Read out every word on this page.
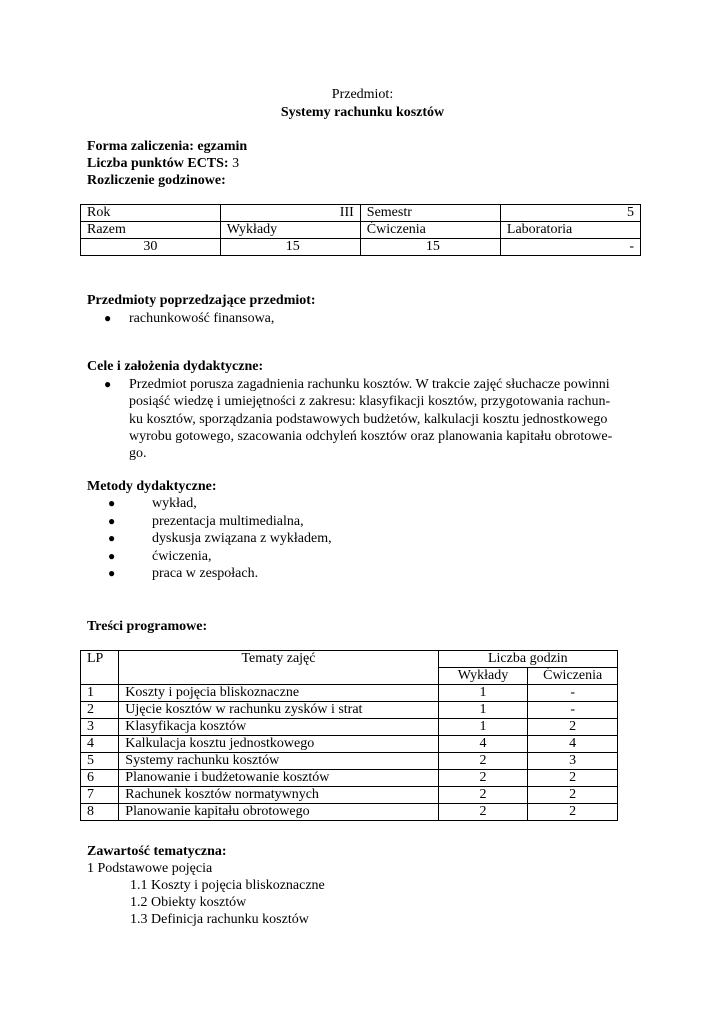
Przedmiot:
Systemy rachunku kosztów
Forma zaliczenia: egzamin
Liczba punktów ECTS: 3
Rozliczenie godzinowe:
Rok	III	Semestr	5
Razem	Wykłady	Ćwiczenia	Laboratoria
30	15	15	-
Przedmioty poprzedzające przedmiot:
● rachunkowość finansowa,
Cele i założenia dydaktyczne:
● Przedmiot porusza zagadnienia rachunku kosztów. W trakcie zajęć słuchacze powinni
posiąść wiedzę i umiejętności z zakresu: klasyfikacji kosztów, przygotowania rachun-
ku kosztów, sporządzania podstawowych budżetów, kalkulacji kosztu jednostkowego
wyrobu gotowego, szacowania odchyleń kosztów oraz planowania kapitału obrotowe-
go.
Metody dydaktyczne:
●	wykład,
●	prezentacja multimedialna,
●	dyskusja związana z wykładem,
●	ćwiczenia,
●	praca w zespołach.
Treści programowe:
LP	Tematy zajęć	Liczba godzin	
		Wykłady	Ćwiczenia
1	Koszty i pojęcia bliskoznaczne	1	-
2	Ujęcie kosztów w rachunku zysków i strat	1	-
3	Klasyfikacja kosztów	1	2
4	Kalkulacja kosztu jednostkowego	4	4
5	Systemy rachunku kosztów	2	3
6	Planowanie i budżetowanie kosztów	2	2
7	Rachunek kosztów normatywnych	2	2
8	Planowanie kapitału obrotowego	2	2
Zawartość tematyczna:
1 Podstawowe pojęcia
1.1 Koszty i pojęcia bliskoznaczne
1.2 Obiekty kosztów
1.3 Definicja rachunku kosztów
